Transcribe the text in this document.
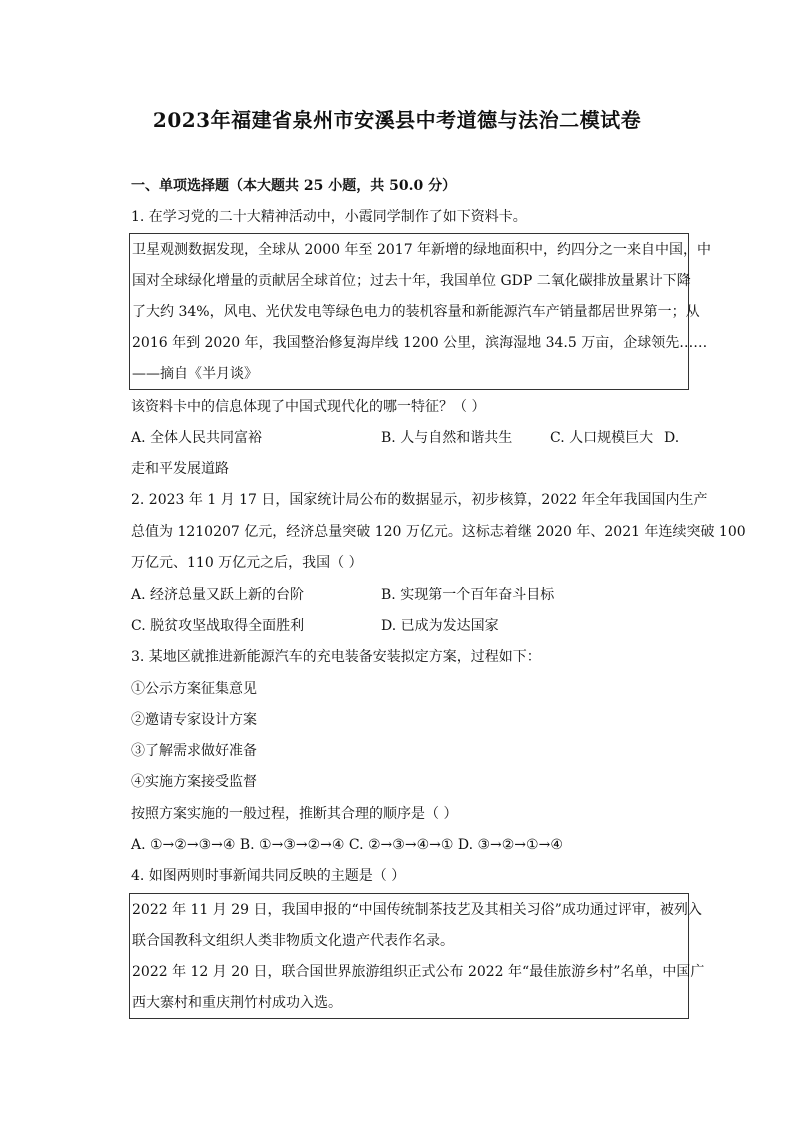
2023年福建省泉州市安溪县中考道德与法治二模试卷
一、单项选择题（本大题共 25 小题，共 50.0 分）
1. 在学习党的二十大精神活动中，小霞同学制作了如下资料卡。
卫星观测数据发现，全球从 2000 年至 2017 年新增的绿地面积中，约四分之一来自中国，中
国对全球绿化增量的贡献居全球首位；过去十年，我国单位 GDP 二氧化碳排放量累计下降
了大约 34%，风电、光伏发电等绿色电力的装机容量和新能源汽车产销量都居世界第一；从
2016 年到 2020 年，我国整治修复海岸线 1200 公里，滨海湿地 34.5 万亩，企球领先……
——摘自《半月谈》
该资料卡中的信息体现了中国式现代化的哪一特征？（ ）
A. 全体人民共同富裕	B. 人与自然和谐共生	C. 人口规模巨大 D.
走和平发展道路
2. 2023 年 1 月 17 日，国家统计局公布的数据显示，初步核算，2022 年全年我国国内生产
总值为 1210207 亿元，经济总量突破 120 万亿元。这标志着继 2020 年、2021 年连续突破 100
万亿元、110 万亿元之后，我国（ ）
A. 经济总量又跃上新的台阶	B. 实现第一个百年奋斗目标
C. 脱贫攻坚战取得全面胜利	D. 已成为发达国家
3. 某地区就推进新能源汽车的充电装备安装拟定方案，过程如下：
①公示方案征集意见
②邀请专家设计方案
③了解需求做好准备
④实施方案接受监督
按照方案实施的一般过程，推断其合理的顺序是（ ）
A. ①→②→③→④ B. ①→③→②→④ C. ②→③→④→① D. ③→②→①→④
4. 如图两则时事新闻共同反映的主题是（ ）
2022 年 11 月 29 日，我国申报的“中国传统制茶技艺及其相关习俗”成功通过评审，被列入
联合国教科文组织人类非物质文化遗产代表作名录。
2022 年 12 月 20 日，联合国世界旅游组织正式公布 2022 年“最佳旅游乡村”名单，中国广
西大寨村和重庆荆竹村成功入选。
